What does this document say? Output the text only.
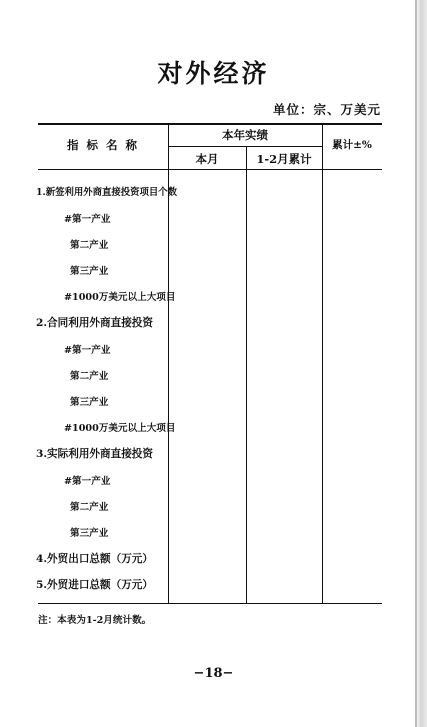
对外经济
单位：宗、万美元
指 标 名 称
本年实绩
本月	1-2月累计
累计±%
1.新签利用外商直接投资项目个数
#第一产业
第二产业
第三产业
#1000万美元以上大项目
2.合同利用外商直接投资
#第一产业
第二产业
第三产业
#1000万美元以上大项目
3.实际利用外商直接投资
#第一产业
第二产业
第三产业
4.外贸出口总额（万元）
5.外贸进口总额（万元）
注：本表为1-2月统计数。
−18−
